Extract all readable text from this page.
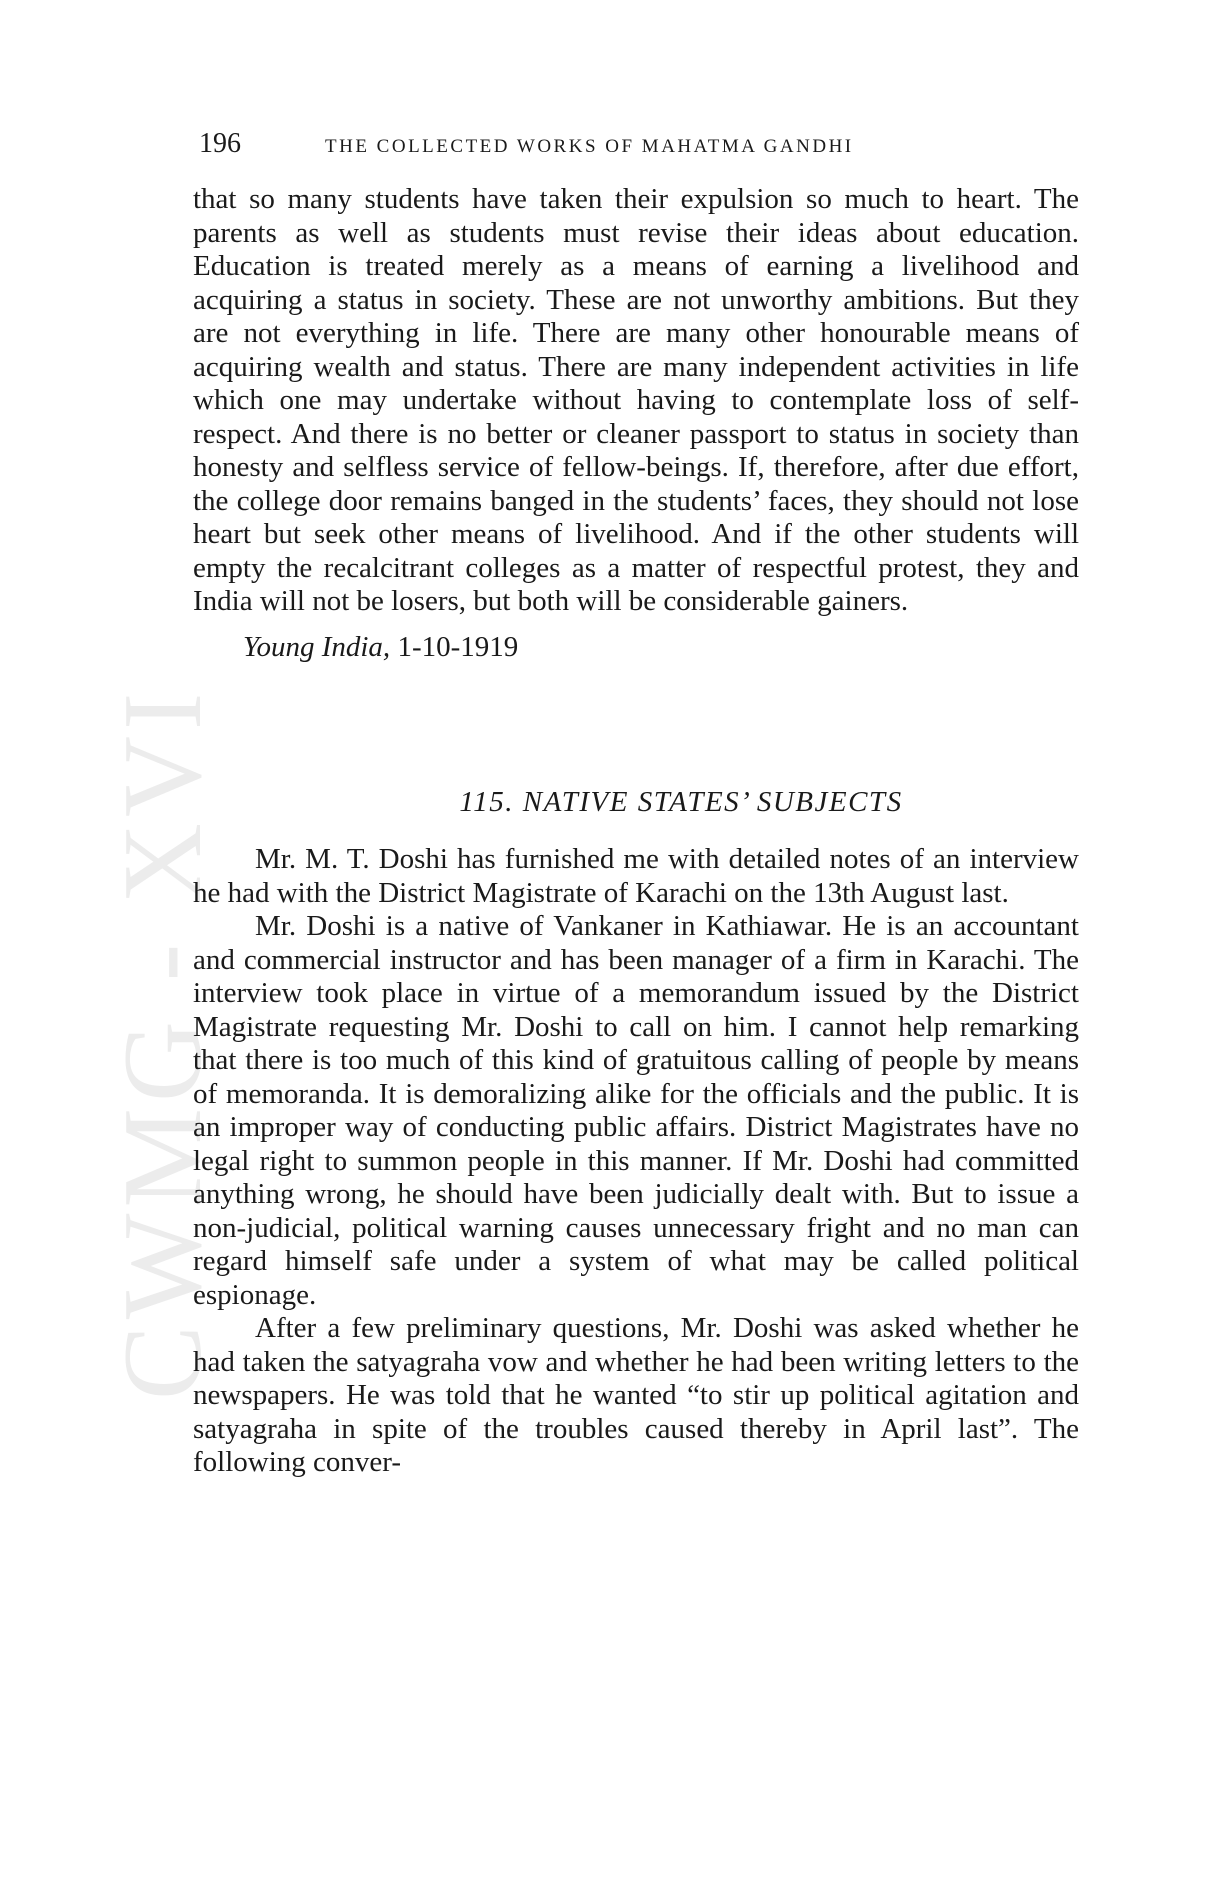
CWMG - XVI
196	THE COLLECTED WORKS OF MAHATMA GANDHI

that so many students have taken their expulsion so much to heart. The parents as well as students must revise their ideas about education. Education is treated merely as a means of earning a livelihood and acquiring a status in society. These are not unworthy ambitions. But they are not everything in life. There are many other honourable means of acquiring wealth and status. There are many independent activities in life which one may undertake without having to contemplate loss of self-respect. And there is no better or cleaner passport to status in society than honesty and selfless service of fellow-beings. If, therefore, after due effort, the college door remains banged in the students’ faces, they should not lose heart but seek other means of livelihood. And if the other students will empty the recalcitrant colleges as a matter of respectful protest, they and India will not be losers, but both will be considerable gainers.

Young India, 1-10-1919
115. NATIVE STATES’ SUBJECTS

Mr. M. T. Doshi has furnished me with detailed notes of an interview he had with the District Magistrate of Karachi on the 13th August last.

Mr. Doshi is a native of Vankaner in Kathiawar. He is an accountant and commercial instructor and has been manager of a firm in Karachi. The interview took place in virtue of a memorandum issued by the District Magistrate requesting Mr. Doshi to call on him. I cannot help remarking that there is too much of this kind of gratuitous calling of people by means of memoranda. It is demoralizing alike for the officials and the public. It is an improper way of conducting public affairs. District Magistrates have no legal right to summon people in this manner. If Mr. Doshi had committed anything wrong, he should have been judicially dealt with. But to issue a non-judicial, political warning causes unnecessary fright and no man can regard himself safe under a system of what may be called political espionage.

After a few preliminary questions, Mr. Doshi was asked whether he had taken the satyagraha vow and whether he had been writing letters to the newspapers. He was told that he wanted “to stir up political agitation and satyagraha in spite of the troubles caused thereby in April last”. The following conver-
